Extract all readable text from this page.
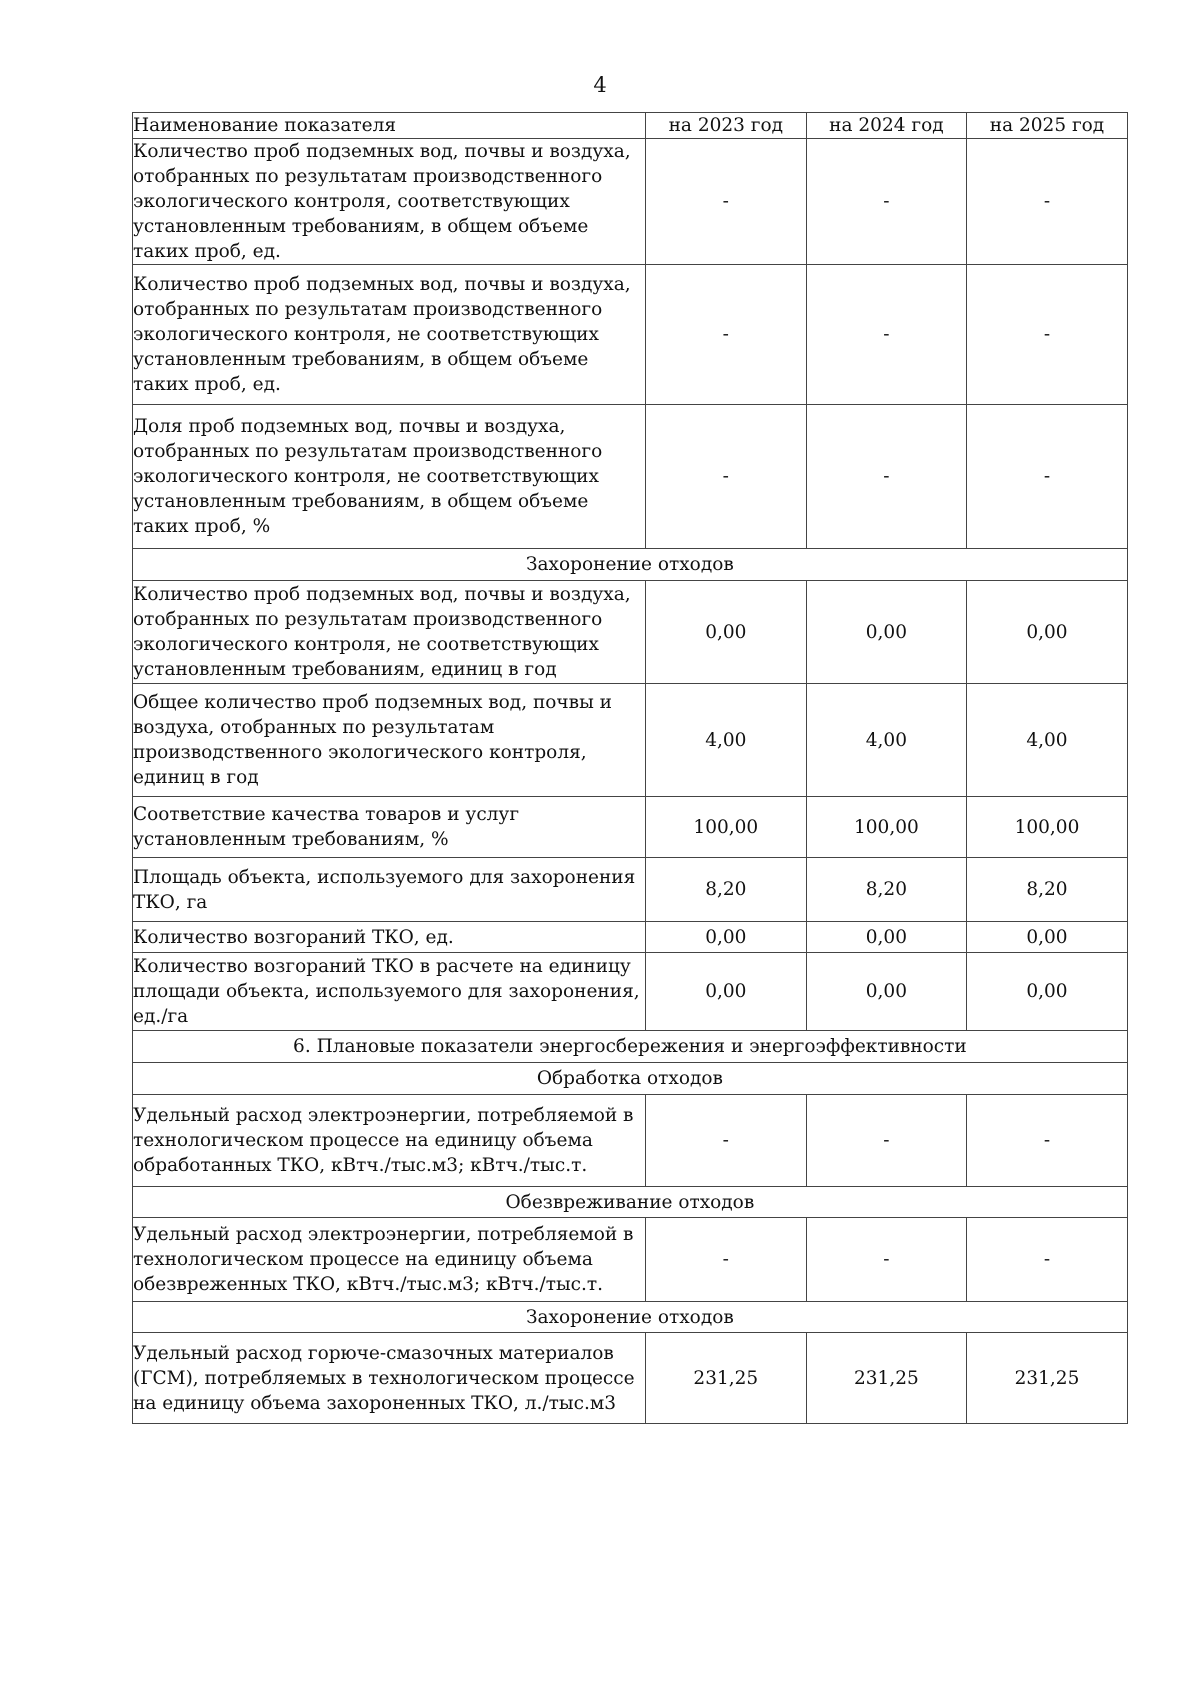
4
Наименование показателя	на 2023 год	на 2024 год	на 2025 год
Количество проб подземных вод, почвы и воздуха, отобранных по результатам производственного экологического контроля, соответствующих установленным требованиям, в общем объеме таких проб, ед.	-	-	-
Количество проб подземных вод, почвы и воздуха, отобранных по результатам производственного экологического контроля, не соответствующих установленным требованиям, в общем объеме таких проб, ед.	-	-	-
Доля проб подземных вод, почвы и воздуха, отобранных по результатам производственного экологического контроля, не соответствующих установленным требованиям, в общем объеме таких проб, %	-	-	-
Захоронение отходов			
Количество проб подземных вод, почвы и воздуха, отобранных по результатам производственного экологического контроля, не соответствующих установленным требованиям, единиц в год	0,00	0,00	0,00
Общее количество проб подземных вод, почвы и воздуха, отобранных по результатам производственного экологического контроля, единиц в год	4,00	4,00	4,00
Соответствие качества товаров и услуг установленным требованиям, %	100,00	100,00	100,00
Площадь объекта, используемого для захоронения ТКО, га	8,20	8,20	8,20
Количество возгораний ТКО, ед.	0,00	0,00	0,00
Количество возгораний ТКО в расчете на единицу площади объекта, используемого для захоронения, ед./га	0,00	0,00	0,00
6. Плановые показатели энергосбережения и энергоэффективности			
Обработка отходов			
Удельный расход электроэнергии, потребляемой в технологическом процессе на единицу объема обработанных ТКО, кВтч./тыс.м3; кВтч./тыс.т.	-	-	-
Обезвреживание отходов			
Удельный расход электроэнергии, потребляемой в технологическом процессе на единицу объема обезвреженных ТКО, кВтч./тыс.м3; кВтч./тыс.т.	-	-	-
Захоронение отходов			
Удельный расход горюче-смазочных материалов (ГСМ), потребляемых в технологическом процессе на единицу объема захороненных ТКО, л./тыс.м3	231,25	231,25	231,25
